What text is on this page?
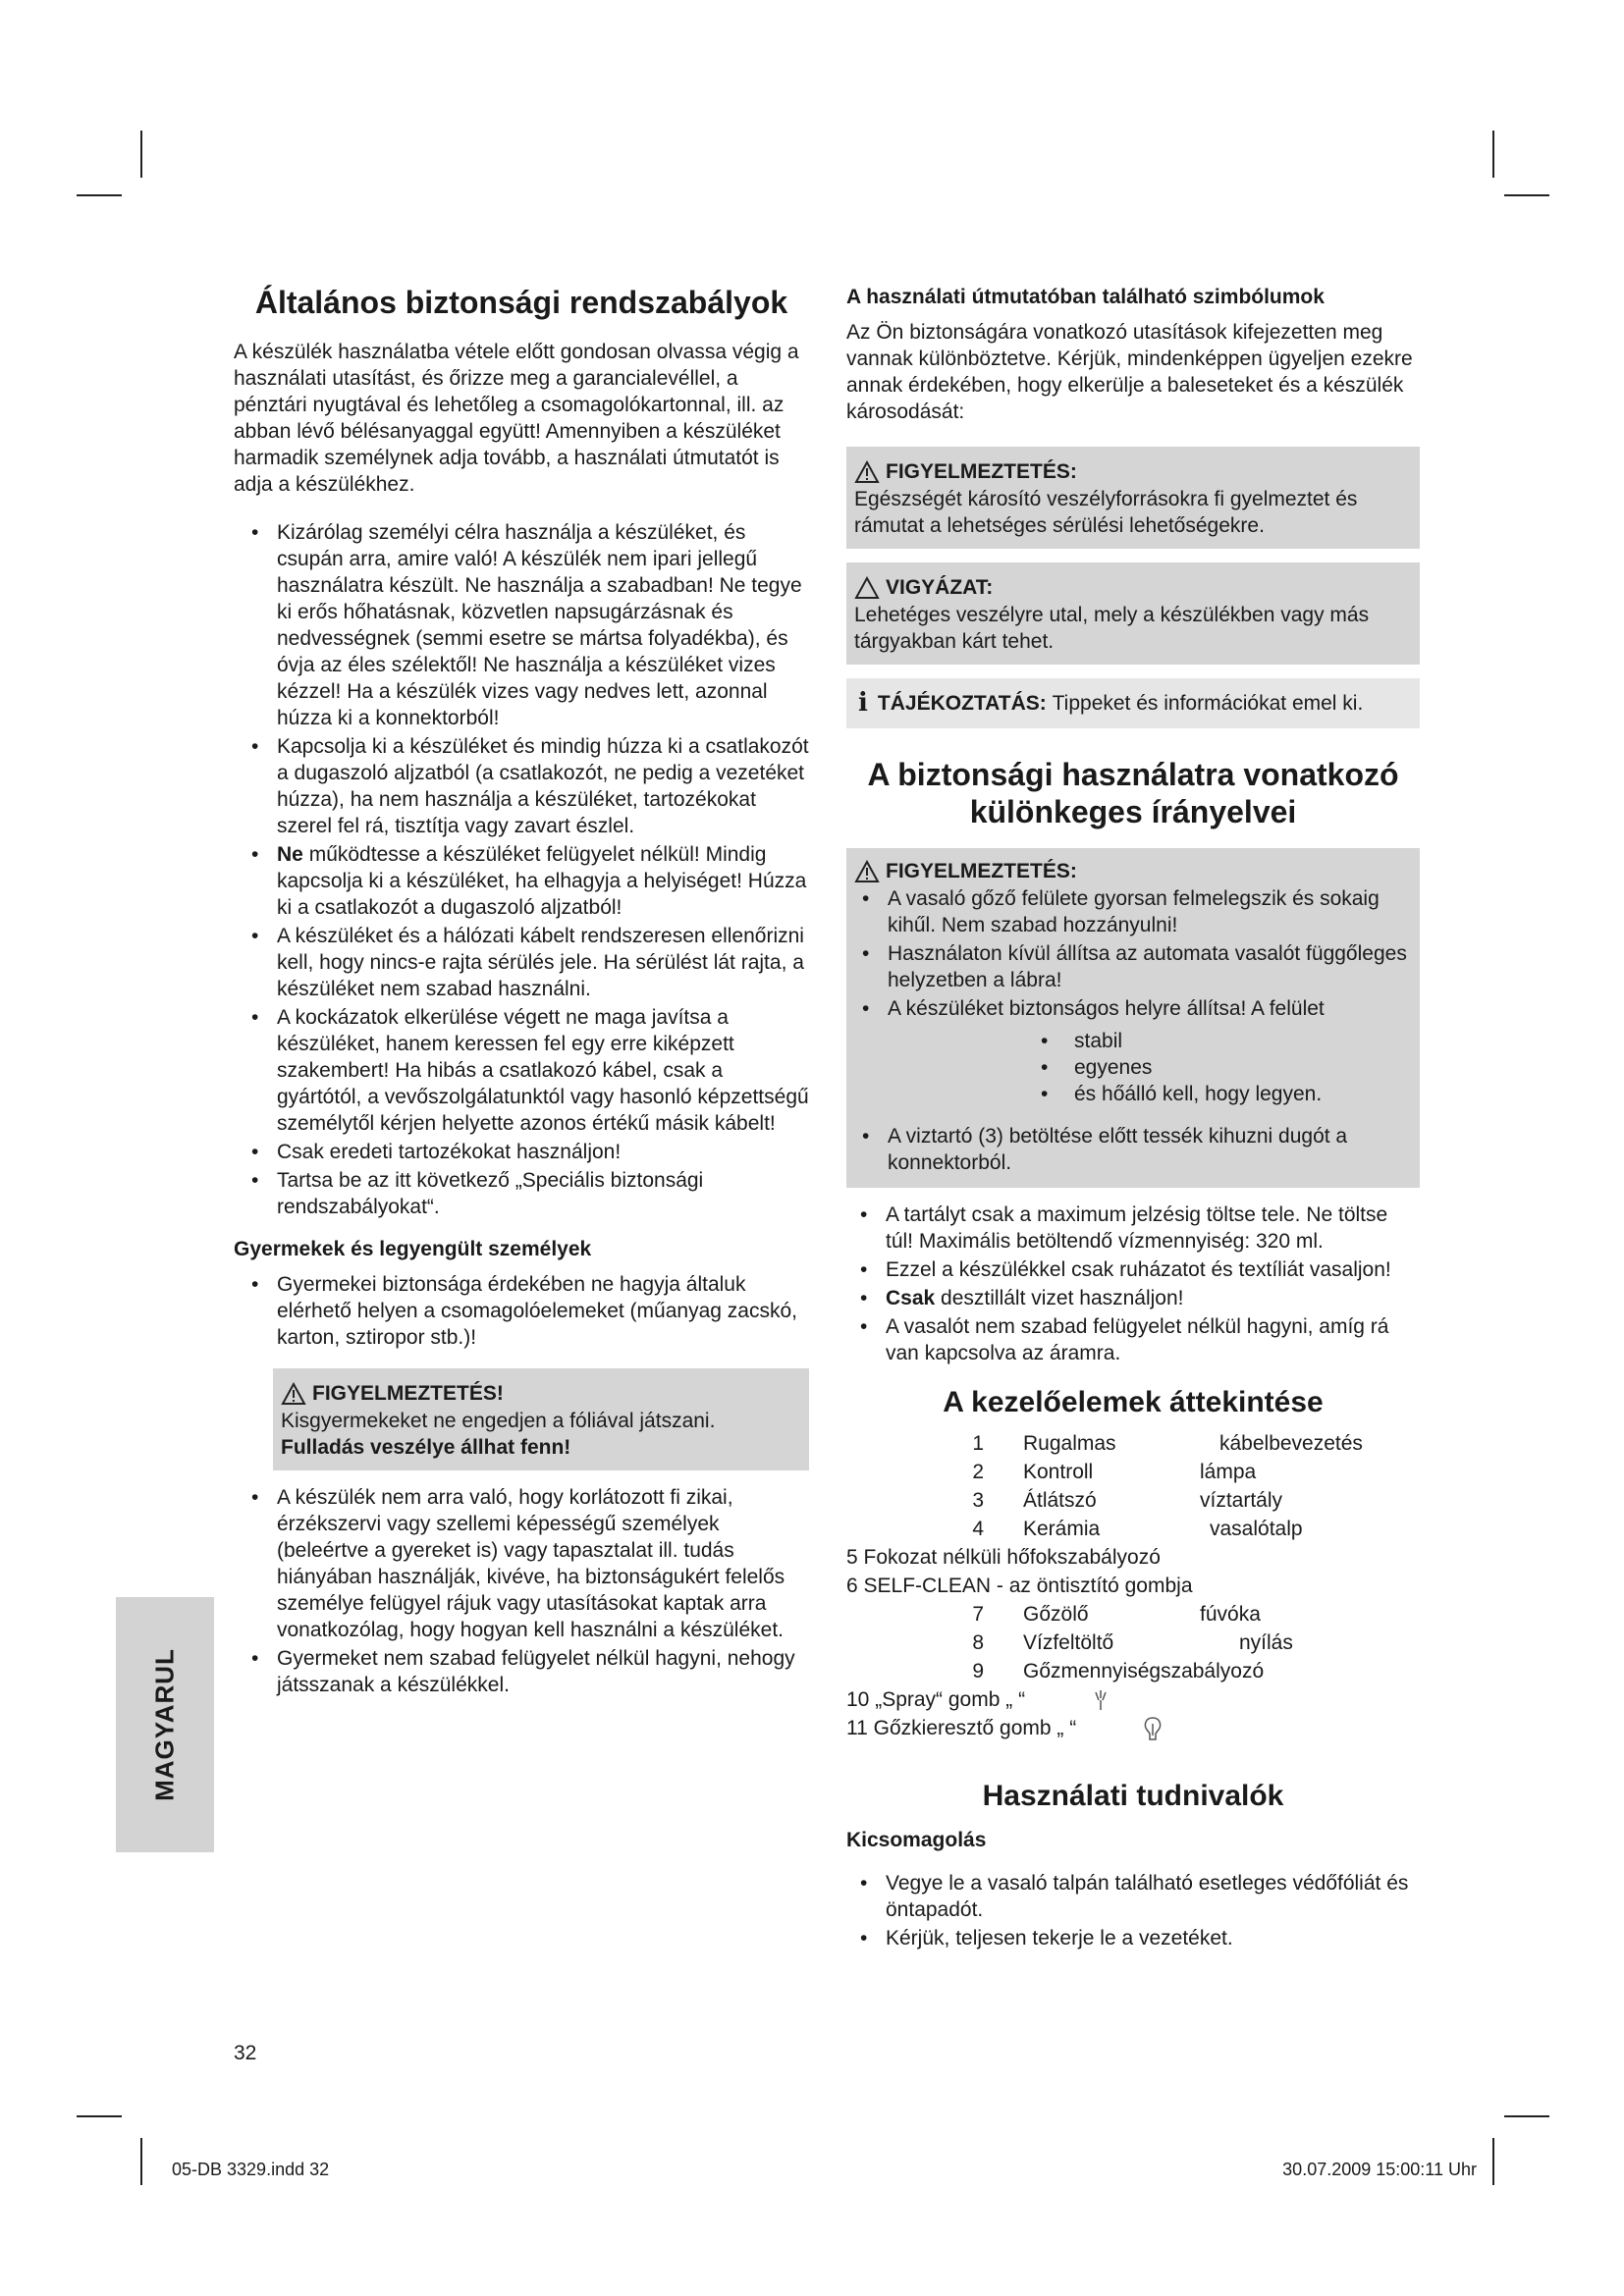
Általános biztonsági rendszabályok

A készülék használatba vétele előtt gondosan olvassa végig a használati utasítást, és őrizze meg a garancialevéllel, a pénztári nyugtával és lehetőleg a csomagolókartonnal, ill. az abban lévő bélésanyaggal együtt! Amennyiben a készüléket harmadik személynek adja tovább, a használati útmutatót is adja a készülékhez.

• Kizárólag személyi célra használja a készüléket, és csupán arra, amire való! A készülék nem ipari jellegű használatra készült. Ne használja a szabadban! Ne tegye ki erős hőhatásnak, közvetlen napsugárzásnak és nedvességnek (semmi esetre se mártsa folyadékba), és óvja az éles szélektől! Ne használja a készüléket vizes kézzel! Ha a készülék vizes vagy nedves lett, azonnal húzza ki a konnektorból!
• Kapcsolja ki a készüléket és mindig húzza ki a csatlakozót a dugaszoló aljzatból (a csatlakozót, ne pedig a vezetéket húzza), ha nem használja a készüléket, tartozékokat szerel fel rá, tisztítja vagy zavart észlel.
• Ne működtesse a készüléket felügyelet nélkül! Mindig kapcsolja ki a készüléket, ha elhagyja a helyiséget! Húzza ki a csatlakozót a dugaszoló aljzatból!
• A készüléket és a hálózati kábelt rendszeresen ellenőrizni kell, hogy nincs-e rajta sérülés jele. Ha sérülést lát rajta, a készüléket nem szabad használni.
• A kockázatok elkerülése végett ne maga javítsa a készüléket, hanem keressen fel egy erre kiképzett szakembert! Ha hibás a csatlakozó kábel, csak a gyártótól, a vevőszolgálatunktól vagy hasonló képzettségű személytől kérjen helyette azonos értékű másik kábelt!
• Csak eredeti tartozékokat használjon!
• Tartsa be az itt következő „Speciális biztonsági rendszabályokat“.
Gyermekek és legyengült személyek
• Gyermekei biztonsága érdekében ne hagyja általuk elérhető helyen a csomagolóelemeket (műanyag zacskó, karton, sztiropor stb.)!
FIGYELMEZTETÉS!
Kisgyermekeket ne engedjen a fóliával játszani. Fulladás veszélye állhat fenn!
• A készülék nem arra való, hogy korlátozott fi zikai, érzékszervi vagy szellemi képességű személyek (beleértve a gyereket is) vagy tapasztalat ill. tudás hiányában használják, kivéve, ha biztonságukért felelős személye felügyel rájuk vagy utasításokat kaptak arra vonatkozólag, hogy hogyan kell használni a készüléket.
• Gyermeket nem szabad felügyelet nélkül hagyni, nehogy játsszanak a készülékkel.
A használati útmutatóban található szimbólumok

Az Ön biztonságára vonatkozó utasítások kifejezetten meg vannak különböztetve. Kérjük, mindenképpen ügyeljen ezekre annak érdekében, hogy elkerülje a baleseteket és a készülék károsodását:

FIGYELMEZTETÉS:
Egészségét károsító veszélyforrásokra fi gyelmeztet és rámutat a lehetséges sérülési lehetőségekre.
VIGYÁZAT:
Lehetéges veszélyre utal, mely a készülékben vagy más tárgyakban kárt tehet.
i TÁJÉKOZTATÁS:
Tippeket és információkat emel ki.
A biztonsági használatra vonatkozó
különkeges írányelvei
FIGYELMEZTETÉS:
• A vasaló gőző felülete gyorsan felmelegszik és sokaig kihűl. Nem szabad hozzányulni!
• Használaton kívül állítsa az automata vasalót függőleges helyzetben a lábra!
• A készüléket biztonságos helyre állítsa! A felület
• stabil
• egyenes
• és hőálló kell, hogy legyen.
• A viztartó (3) betöltése előtt tessék kihuzni dugót a konnektorból.
• A tartályt csak a maximum jelzésig töltse tele. Ne töltse túl! Maximális betöltendő vízmennyiség: 320 ml.
• Ezzel a készülékkel csak ruházatot és textíliát vasaljon!
• Csak desztillált vizet használjon!
• A vasalót nem szabad felügyelet nélkül hagyni, amíg rá van kapcsolva az áramra.
A kezelőelemek áttekintése
1	Rugalmas	kábelbevezetés
2	Kontroll	lámpa
3	Átlátszó	víztartály
4	Kerámia	vasalótalp
5 Fokozat nélküli hőfokszabályozó		
6 SELF-CLEAN - az öntisztító gombja		
7	Gőzölő	fúvóka
8	Vízfeltöltő	nyílás
9	Gőzmennyiségszabályozó	
10 „Spray“ gomb „ “		
11 Gőzkieresztő gomb „ “		
Használati tudnivalók
Kicsomagolás
• Vegye le a vasaló talpán található esetleges védőfóliát és öntapadót.
• Kérjük, teljesen tekerje le a vezetéket.
MAGYARUL
32
05-DB 3329.indd 32	30.07.2009 15:00:11 Uhr
